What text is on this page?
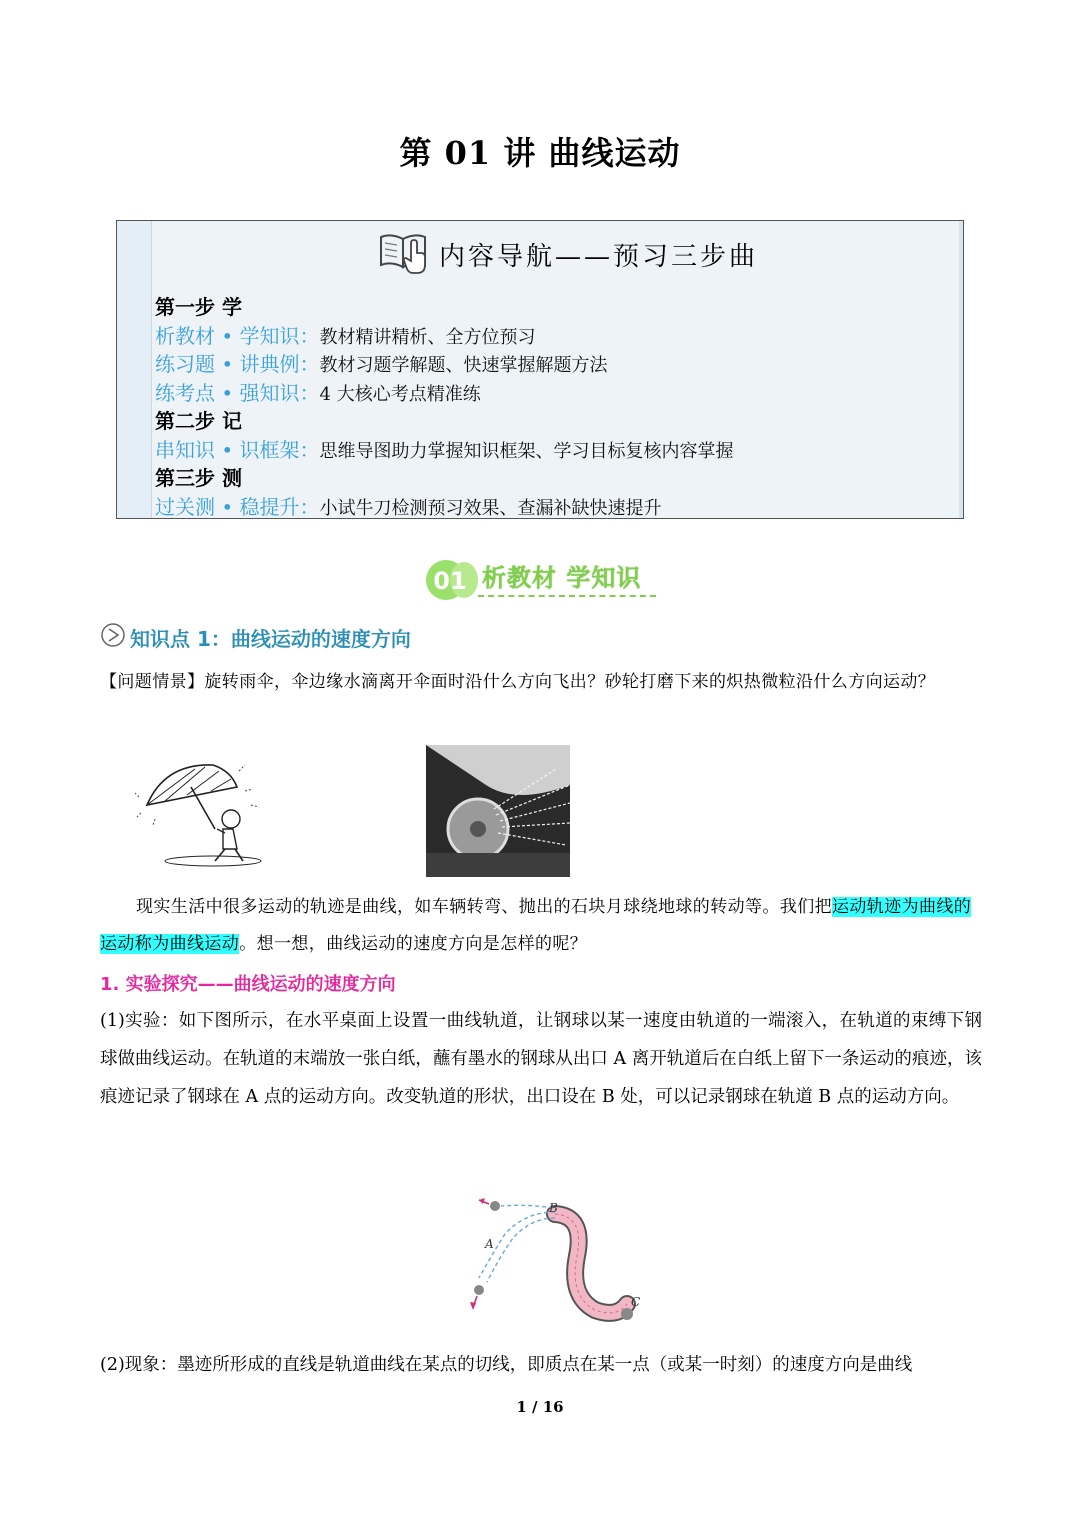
第 01 讲 曲线运动
内容导航——预习三步曲
第一步 学
析教材 • 学知识：教材精讲精析、全方位预习
练习题 • 讲典例：教材习题学解题、快速掌握解题方法
练考点 • 强知识：4 大核心考点精准练
第二步 记
串知识 • 识框架：思维导图助力掌握知识框架、学习目标复核内容掌握
第三步 测
过关测 • 稳提升：小试牛刀检测预习效果、查漏补缺快速提升
01 析教材 学知识
知识点 1：曲线运动的速度方向
【问题情景】旋转雨伞，伞边缘水滴离开伞面时沿什么方向飞出？砂轮打磨下来的炽热微粒沿什么方向运动？
现实生活中很多运动的轨迹是曲线，如车辆转弯、抛出的石块月球绕地球的转动等。我们把运动轨迹为曲线的运动称为曲线运动。想一想，曲线运动的速度方向是怎样的呢？
1. 实验探究——曲线运动的速度方向
(1)实验：如下图所示，在水平桌面上设置一曲线轨道，让钢球以某一速度由轨道的一端滚入，在轨道的束缚下钢球做曲线运动。在轨道的末端放一张白纸，蘸有墨水的钢球从出口 A 离开轨道后在白纸上留下一条运动的痕迹，该痕迹记录了钢球在 A 点的运动方向。改变轨道的形状，出口设在 B 处，可以记录钢球在轨道 B 点的运动方向。
B
A
C
(2)现象：墨迹所形成的直线是轨道曲线在某点的切线，即质点在某一点（或某一时刻）的速度方向是曲线
1 / 16
